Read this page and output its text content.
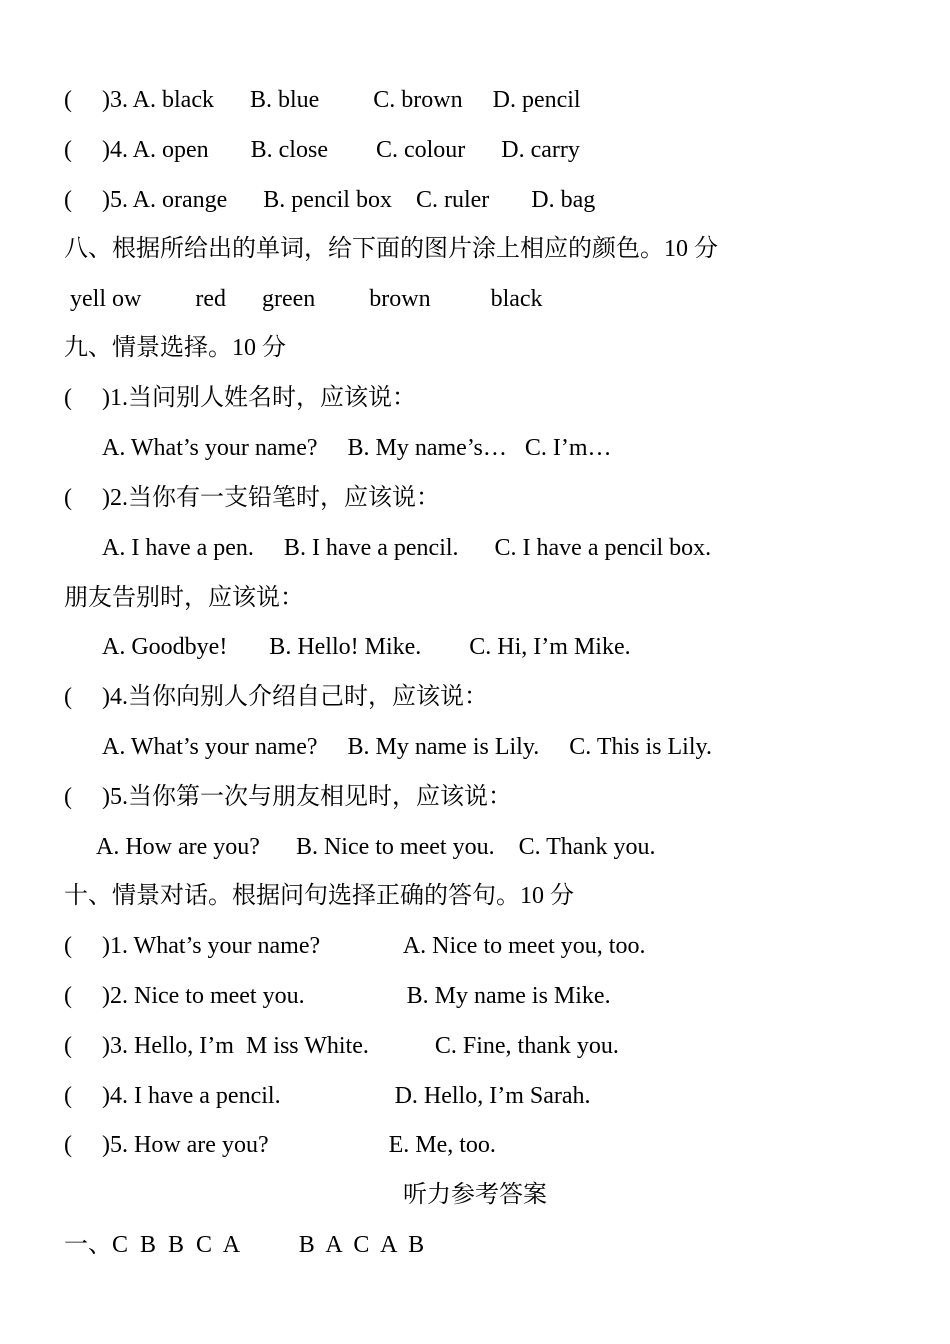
(     )3. A. black      B. blue         C. brown     D. pencil
(     )4. A. open       B. close        C. colour      D. carry
(     )5. A. orange      B. pencil box    C. ruler       D. bag
八、根据所给出的单词，给下面的图片涂上相应的颜色。10 分
yell ow         red      green         brown          black
九、情景选择。10 分
(     )1.当问别人姓名时，应该说：
A. What’s your name?     B. My name’s…   C. I’m…
(     )2.当你有一支铅笔时，应该说：
A. I have a pen.     B. I have a pencil.      C. I have a pencil box.
朋友告别时，应该说：
A. Goodbye!       B. Hello! Mike.        C. Hi, I’m Mike.
(     )4.当你向别人介绍自己时，应该说：
A. What’s your name?     B. My name is Lily.     C. This is Lily.
(     )5.当你第一次与朋友相见时，应该说：
A. How are you?      B. Nice to meet you.    C. Thank you.
十、情景对话。根据问句选择正确的答句。10 分
(     )1. What’s your name?              A. Nice to meet you, too.
(     )2. Nice to meet you.                 B. My name is Mike.
(     )3. Hello, I’m  M iss White.           C. Fine, thank you.
(     )4. I have a pencil.                   D. Hello, I’m Sarah.
(     )5. How are you?                    E. Me, too.
听力参考答案
一、C  B  B  C  A          B  A  C  A  B
